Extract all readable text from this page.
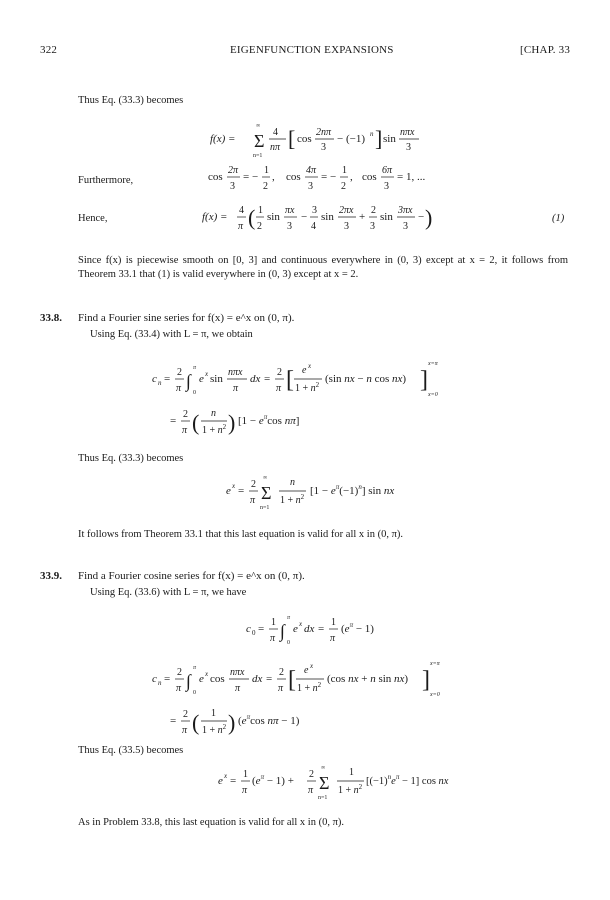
322	EIGENFUNCTION EXPANSIONS	[CHAP. 33
Thus Eq. (33.3) becomes
f(x) = Σ
∞
n=1
4
nπ [ cos
2nπ
3
− (−1) n ] sin
nπx
3
Furthermore,	cos
2π
3
= −
1
2
, cos
4π
3
= −
1
2
, cos
6π
3
= 1, ...
Hence,	f(x) =
4
π ( 1
2
sin
πx
3
−
3
4
sin
2πx
3
+
2
3
sin
3πx
3
− )	(1)
Since f(x) is piecewise smooth on [0, 3] and continuous everywhere in (0, 3) except at x = 2, it follows from Theorem 33.1 that (1) is valid everywhere in (0, 3) except at x = 2.
33.8. Find a Fourier sine series for f(x) = e^x on (0, π).
Using Eq. (33.4) with L = π, we obtain
c n =
2
π ∫
π
0
e x sin
nπx
π
dx =
2
π [ e x
$1 + n^2$ (sin nx − n cos nx) ]
x=π
x=0
=
2
π ( n
$1 + n^2$ ) [$1 - e^\pi\cos$ nπ]
Thus Eq. (33.3) becomes
e x =
2
π Σ
∞
n=1
n
$1 + n^2$ $[1 - e^\pi(-1)^n]$ sin nx
It follows from Theorem 33.1 that this last equation is valid for all x in (0, π).
33.9. Find a Fourier cosine series for f(x) = e^x on (0, π).
Using Eq. (33.6) with L = π, we have
c 0 =
1
π ∫
π
0
e x dx =
1
π
$(e^\pi - 1)$
c n =
2
π ∫
π
0
e x cos
nπx
π
dx =
2
π [ e x
$1 + n^2$ (cos nx + n sin nx) ]
x=π
x=0
=
2
π ( 1
$1 + n^2$ ) ($e^\pi\cos$ nπ − 1)
Thus Eq. (33.5) becomes
e x =
1
π
$(e^\pi - 1)$ +
2
π Σ
∞
n=1
1
$1 + n^2$ $[(-1)^ne^\pi - 1]$ cos nx
As in Problem 33.8, this last equation is valid for all x in (0, π).
